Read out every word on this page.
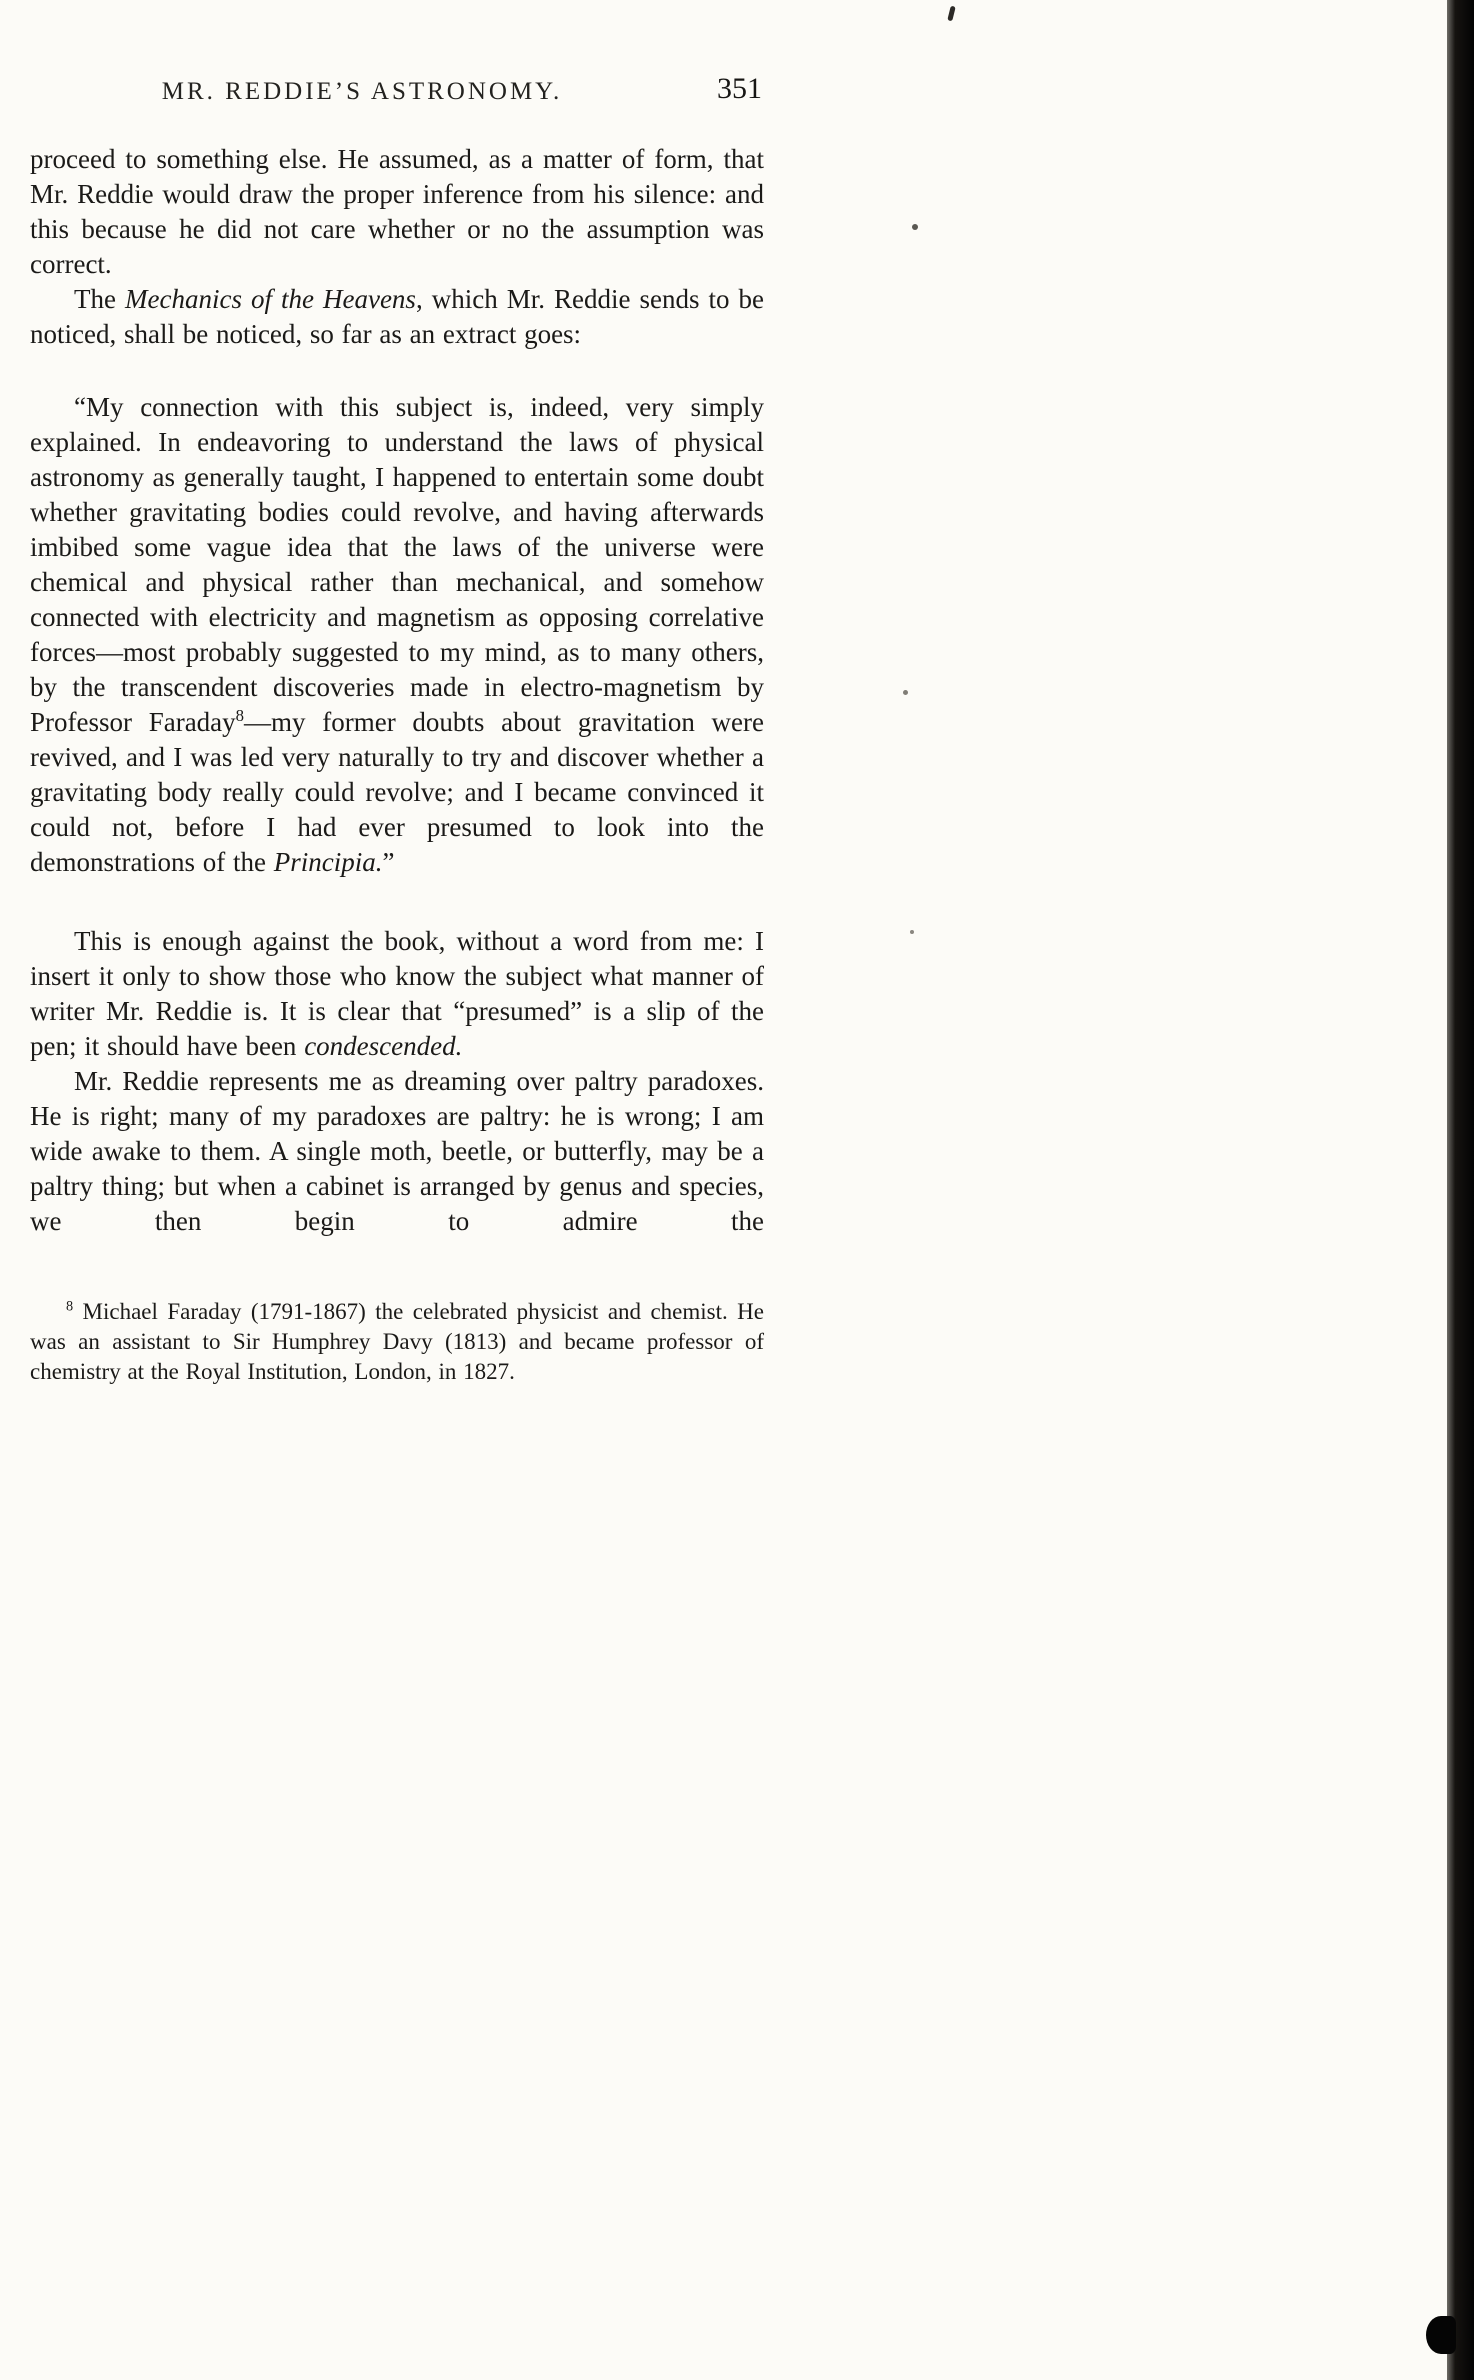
MR. REDDIE’S ASTRONOMY.	351

proceed to something else. He assumed, as a matter of form, that Mr. Reddie would draw the proper inference from his silence: and this because he did not care whether or no the assumption was correct.

The Mechanics of the Heavens, which Mr. Reddie sends to be noticed, shall be noticed, so far as an extract goes:

“My connection with this subject is, indeed, very simply explained. In endeavoring to understand the laws of physical astronomy as generally taught, I happened to entertain some doubt whether gravitating bodies could revolve, and having afterwards imbibed some vague idea that the laws of the universe were chemical and physical rather than mechanical, and somehow connected with electricity and magnetism as opposing correlative forces—most probably suggested to my mind, as to many others, by the transcendent discoveries made in electro-magnetism by Professor Faraday$^8$—my former doubts about gravitation were revived, and I was led very naturally to try and discover whether a gravitating body really could revolve; and I became convinced it could not, before I had ever presumed to look into the demonstrations of the Principia.”

This is enough against the book, without a word from me: I insert it only to show those who know the subject what manner of writer Mr. Reddie is. It is clear that “presumed” is a slip of the pen; it should have been condescended.

Mr. Reddie represents me as dreaming over paltry paradoxes. He is right; many of my paradoxes are paltry: he is wrong; I am wide awake to them. A single moth, beetle, or butterfly, may be a paltry thing; but when a cabinet is arranged by genus and species, we then begin to admire the

$^8$ Michael Faraday (1791-1867) the celebrated physicist and chemist. He was an assistant to Sir Humphrey Davy (1813) and became professor of chemistry at the Royal Institution, London, in 1827.
